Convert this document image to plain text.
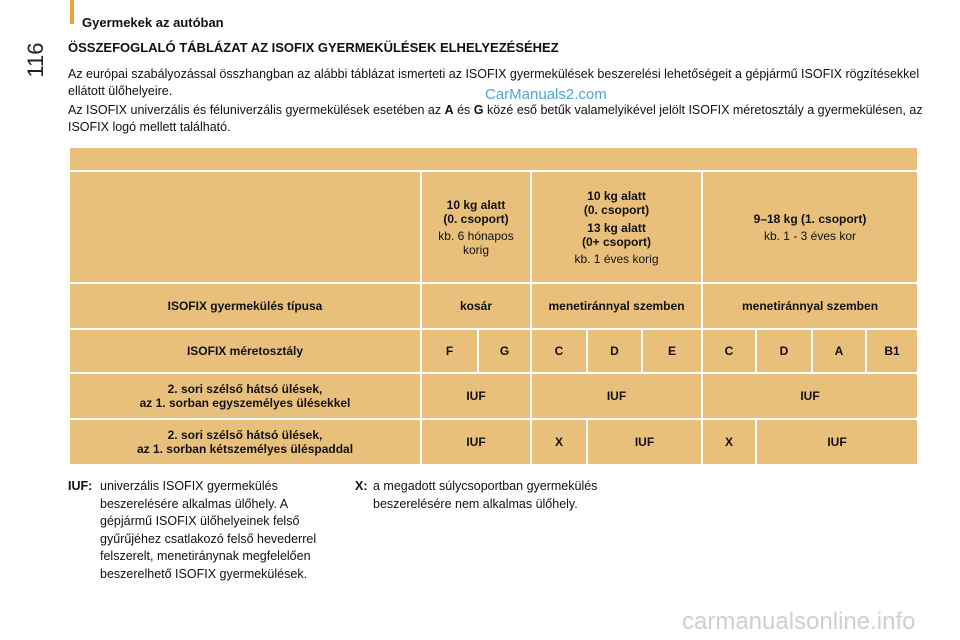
116
Gyermekek az autóban
ÖSSZEFOGLALÓ TÁBLÁZAT AZ ISOFIX GYERMEKÜLÉSEK ELHELYEZÉSÉHEZ
Az európai szabályozással összhangban az alábbi táblázat ismerteti az ISOFIX gyermekülések beszerelési lehetőségeit a gépjármű ISOFIX rögzítésekkel ellátott ülőhelyeire.
Az ISOFIX univerzális és féluniverzális gyermekülések esetében az A és G közé eső betűk valamelyikével jelölt ISOFIX méretosztály a gyermekülésen, az ISOFIX logó mellett található.
CarManuals2.com

	10 kg alatt
(0. csoport)
kb. 6 hónapos korig		10 kg alatt
(0. csoport)
13 kg alatt
(0+ csoport)
kb. 1 éves korig			9–18 kg (1. csoport)
kb. 1 - 3 éves kor			

ISOFIX gyermekülés típusa	kosár		menetiránnyal szemben			menetiránnyal szemben			
ISOFIX méretosztály	F	G	C	D	E	C	D	A	B1

2. sori szélső hátsó ülések,
az 1. sorban egyszemélyes ülésekkel	IUF		IUF			IUF			

2. sori szélső hátsó ülések,
az 1. sorban kétszemélyes üléspaddal	IUF		X	IUF		X	IUF		
IUF: univerzális ISOFIX gyermekülés beszerelésére alkalmas ülőhely. A gépjármű ISOFIX ülőhelyeinek felső gyűrűjéhez csatlakozó felső hevederrel felszerelt, menetiránynak megfelelően beszerelhető ISOFIX gyermekülések.
X: a megadott súlycsoportban gyermekülés beszerelésére nem alkalmas ülőhely.
carmanualsonline.info
